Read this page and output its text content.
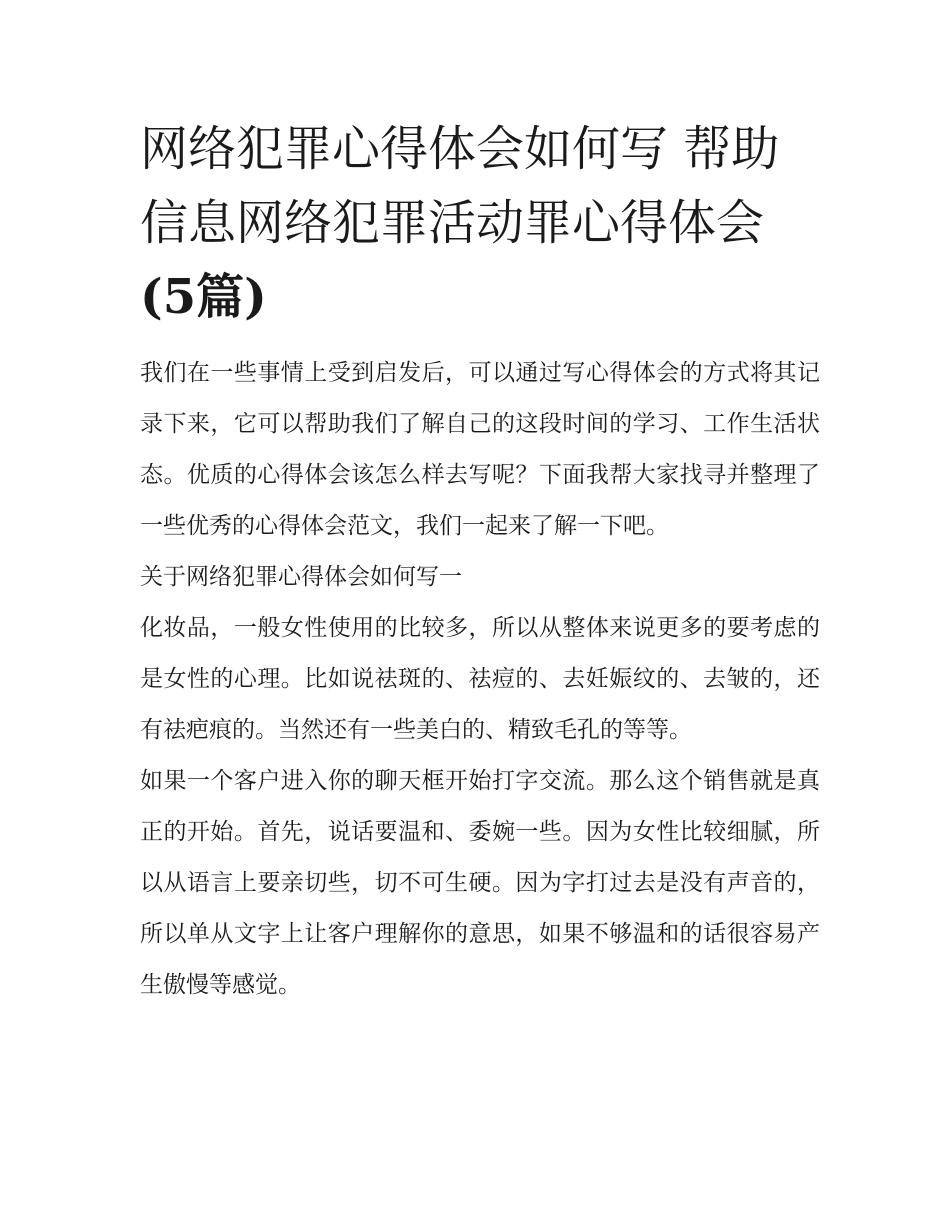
网络犯罪心得体会如何写 帮助信息网络犯罪活动罪心得体会(5篇)

我们在一些事情上受到启发后，可以通过写心得体会的方式将其记录下来，它可以帮助我们了解自己的这段时间的学习、工作生活状态。优质的心得体会该怎么样去写呢？下面我帮大家找寻并整理了一些优秀的心得体会范文，我们一起来了解一下吧。

关于网络犯罪心得体会如何写一

化妆品，一般女性使用的比较多，所以从整体来说更多的要考虑的是女性的心理。比如说祛斑的、祛痘的、去妊娠纹的、去皱的，还有祛疤痕的。当然还有一些美白的、精致毛孔的等等。

如果一个客户进入你的聊天框开始打字交流。那么这个销售就是真正的开始。首先，说话要温和、委婉一些。因为女性比较细腻，所以从语言上要亲切些，切不可生硬。因为字打过去是没有声音的，所以单从文字上让客户理解你的意思，如果不够温和的话很容易产生傲慢等感觉。
